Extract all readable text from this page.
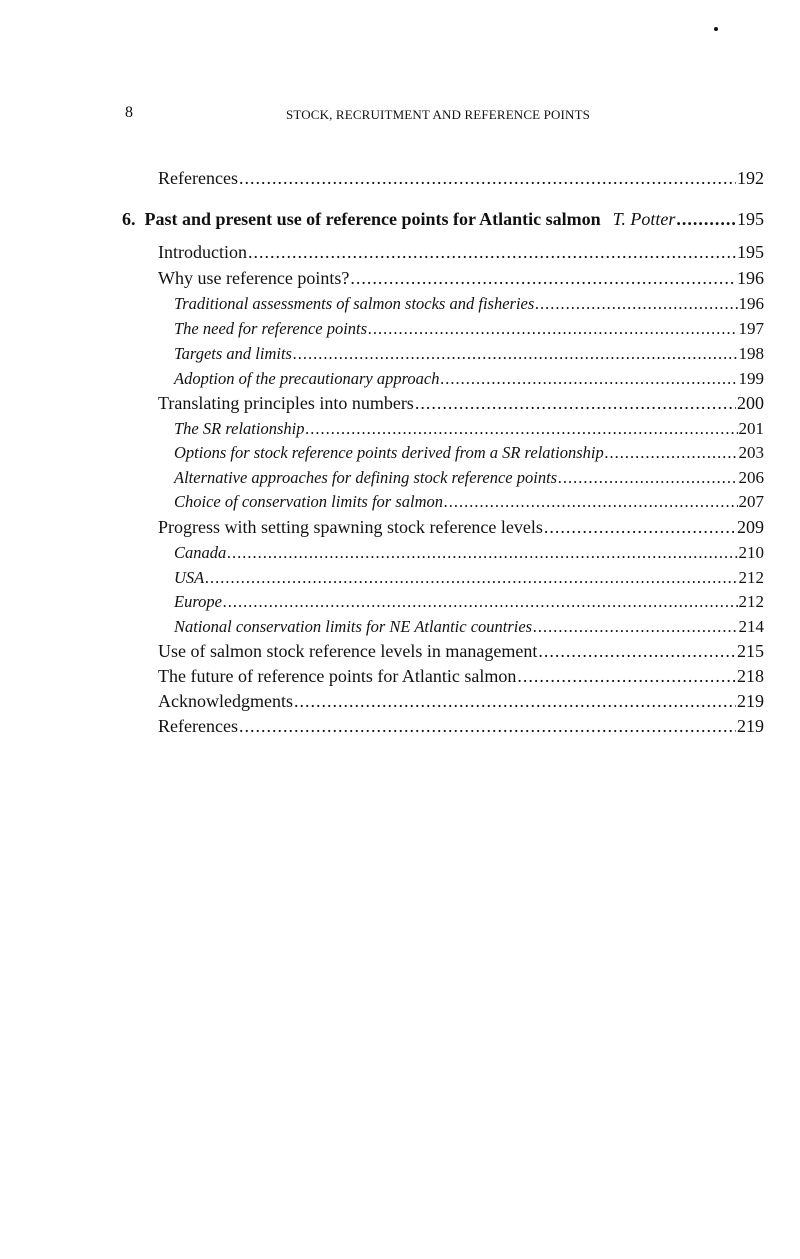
8	STOCK, RECRUITMENT AND REFERENCE POINTS
References .....	192
6. Past and present use of reference points for Atlantic salmon T. Potter .....	195
Introduction .....	195
Why use reference points? .....	196
Traditional assessments of salmon stocks and fisheries .....	196
The need for reference points .....	197
Targets and limits .....	198
Adoption of the precautionary approach .....	199
Translating principles into numbers .....	200
The SR relationship .....	201
Options for stock reference points derived from a SR relationship .....	203
Alternative approaches for defining stock reference points .....	206
Choice of conservation limits for salmon .....	207
Progress with setting spawning stock reference levels .....	209
Canada .....	210
USA .....	212
Europe .....	212
National conservation limits for NE Atlantic countries .....	214
Use of salmon stock reference levels in management .....	215
The future of reference points for Atlantic salmon .....	218
Acknowledgments .....	219
References .....	219
